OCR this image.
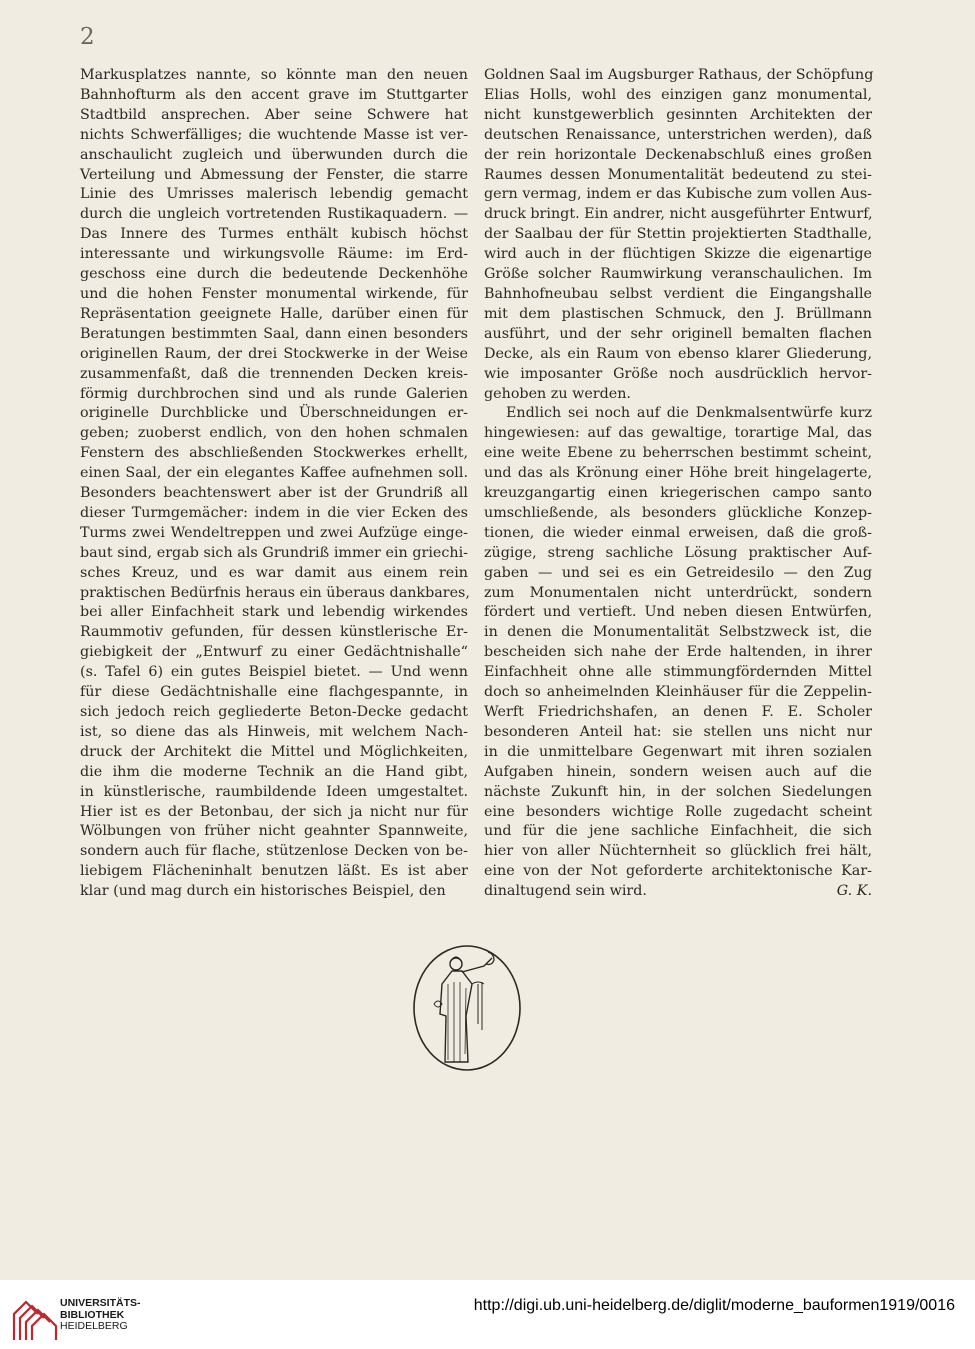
2
Markusplatzes nannte, so könnte man den neuen
Bahnhofturm als den accent grave im Stuttgarter
Stadtbild ansprechen. Aber seine Schwere hat
nichts Schwerfälliges; die wuchtende Masse ist ver-
anschaulicht zugleich und überwunden durch die
Verteilung und Abmessung der Fenster, die starre
Linie des Umrisses malerisch lebendig gemacht
durch die ungleich vortretenden Rustikaquadern. —
Das Innere des Turmes enthält kubisch höchst
interessante und wirkungsvolle Räume: im Erd-
geschoss eine durch die bedeutende Deckenhöhe
und die hohen Fenster monumental wirkende, für
Repräsentation geeignete Halle, darüber einen für
Beratungen bestimmten Saal, dann einen besonders
originellen Raum, der drei Stockwerke in der Weise
zusammenfaßt, daß die trennenden Decken kreis-
förmig durchbrochen sind und als runde Galerien
originelle Durchblicke und Überschneidungen er-
geben; zuoberst endlich, von den hohen schmalen
Fenstern des abschließenden Stockwerkes erhellt,
einen Saal, der ein elegantes Kaffee aufnehmen soll.
Besonders beachtenswert aber ist der Grundriß all
dieser Turmgemächer: indem in die vier Ecken des
Turms zwei Wendeltreppen und zwei Aufzüge einge-
baut sind, ergab sich als Grundriß immer ein griechi-
sches Kreuz, und es war damit aus einem rein
praktischen Bedürfnis heraus ein überaus dankbares,
bei aller Einfachheit stark und lebendig wirkendes
Raummotiv gefunden, für dessen künstlerische Er-
giebigkeit der „Entwurf zu einer Gedächtnishalle“
(s. Tafel 6) ein gutes Beispiel bietet. — Und wenn
für diese Gedächtnishalle eine flachgespannte, in
sich jedoch reich gegliederte Beton-Decke gedacht
ist, so diene das als Hinweis, mit welchem Nach-
druck der Architekt die Mittel und Möglichkeiten,
die ihm die moderne Technik an die Hand gibt,
in künstlerische, raumbildende Ideen umgestaltet.
Hier ist es der Betonbau, der sich ja nicht nur für
Wölbungen von früher nicht geahnter Spannweite,
sondern auch für flache, stützenlose Decken von be-
liebigem Flächeninhalt benutzen läßt. Es ist aber
klar (und mag durch ein historisches Beispiel, den
Goldnen Saal im Augsburger Rathaus, der Schöpfung
Elias Holls, wohl des einzigen ganz monumental,
nicht kunstgewerblich gesinnten Architekten der
deutschen Renaissance, unterstrichen werden), daß
der rein horizontale Deckenabschluß eines großen
Raumes dessen Monumentalität bedeutend zu stei-
gern vermag, indem er das Kubische zum vollen Aus-
druck bringt. Ein andrer, nicht ausgeführter Entwurf,
der Saalbau der für Stettin projektierten Stadthalle,
wird auch in der flüchtigen Skizze die eigenartige
Größe solcher Raumwirkung veranschaulichen. Im
Bahnhofneubau selbst verdient die Eingangshalle
mit dem plastischen Schmuck, den J. Brüllmann
ausführt, und der sehr originell bemalten flachen
Decke, als ein Raum von ebenso klarer Gliederung,
wie imposanter Größe noch ausdrücklich hervor-
gehoben zu werden.
Endlich sei noch auf die Denkmalsentwürfe kurz
hingewiesen: auf das gewaltige, torartige Mal, das
eine weite Ebene zu beherrschen bestimmt scheint,
und das als Krönung einer Höhe breit hingelagerte,
kreuzgangartig einen kriegerischen campo santo
umschließende, als besonders glückliche Konzep-
tionen, die wieder einmal erweisen, daß die groß-
zügige, streng sachliche Lösung praktischer Auf-
gaben — und sei es ein Getreidesilo — den Zug
zum Monumentalen nicht unterdrückt, sondern
fördert und vertieft. Und neben diesen Entwürfen,
in denen die Monumentalität Selbstzweck ist, die
bescheiden sich nahe der Erde haltenden, in ihrer
Einfachheit ohne alle stimmungfördernden Mittel
doch so anheimelnden Kleinhäuser für die Zeppelin-
Werft Friedrichshafen, an denen F. E. Scholer
besonderen Anteil hat: sie stellen uns nicht nur
in die unmittelbare Gegenwart mit ihren sozialen
Aufgaben hinein, sondern weisen auch auf die
nächste Zukunft hin, in der solchen Siedelungen
eine besonders wichtige Rolle zugedacht scheint
und für die jene sachliche Einfachheit, die sich
hier von aller Nüchternheit so glücklich frei hält,
eine von der Not geforderte architektonische Kar-
G. K.
dinaltugend sein wird.
UNIVERSITÄTS-
BIBLIOTHEK
HEIDELBERG
http://digi.ub.uni-heidelberg.de/diglit/moderne_bauformen1919/0016
